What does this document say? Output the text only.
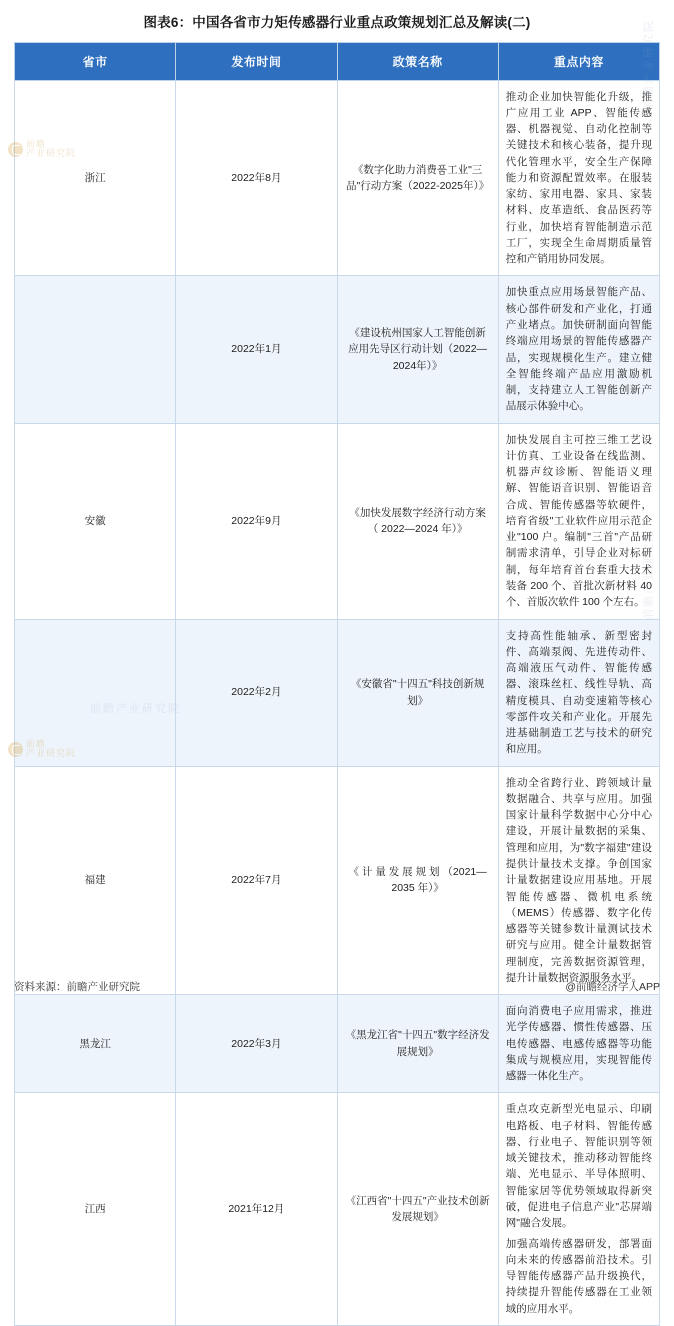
图表6：中国各省市力矩传感器行业重点政策规划汇总及解读(二)
省市	发布时间	政策名称	重点内容
浙江	2022年8月	《数字化助力消费품工业"三品"行动方案（2022-2025年）》	推动企业加快智能化升级，推广应用工业 APP、智能传感器、机器视觉、自动化控制等关键技术和核心装备，提升现代化管理水平，安全生产保障能力和资源配置效率。在服装家纺、家用电器、家具、家装材料、皮革造纸、食品医药等行业，加快培育智能制造示范工厂，实现全生命周期质量管控和产销用协同发展。

	2022年1月	《建设杭州国家人工智能创新应用先导区行动计划（2022—2024年）》	加快重点应用场景智能产品、核心部件研发和产业化，打通产业堵点。加快研制面向智能终端应用场景的智能传感器产品，实现规模化生产。建立健全智能终端产品应用激励机制，支持建立人工智能创新产品展示体验中心。

安徽	2022年9月	《加快发展数字经济行动方案（ 2022—2024 年）》	加快发展自主可控三维工艺设计仿真、工业设备在线监测、机器声纹诊断、智能语义理解、智能语音识别、智能语音合成、智能传感器等软硬件，培育省级"工业软件应用示范企业"100 户。编制"三首"产品研制需求清单，引导企业对标研制，每年培育首台套重大技术装备 200 个、首批次新材料 40 个、首版次软件 100 个左右。

	2022年2月	《安徽省"十四五"科技创新规划》	支持高性能轴承、新型密封件、高端泵阀、先进传动件、高端液压气动件、智能传感器、滚珠丝杠、线性导轨、高精度模具、自动变速箱等核心零部件攻关和产业化。开展先进基础制造工艺与技术的研究和应用。

福建	2022年7月	《 计 量 发 展 规 划 （2021—2035 年）》	推动全省跨行业、跨领域计量数据融合、共享与应用。加强国家计量科学数据中心分中心建设，开展计量数据的采集、管理和应用，为"数字福建"建设提供计量技术支撑。争创国家计量数据建设应用基地。开展智能传感器、微机电系统（MEMS）传感器、数字化传感器等关键参数计量测试技术研究与应用。健全计量数据管理制度，完善数据资源管理，提升计量数据资源服务水平。

黑龙江	2022年3月	《黑龙江省"十四五"数字经济发展规划》	面向消费电子应用需求，推进光学传感器、惯性传感器、压电传感器、电感传感器等功能集成与规模应用，实现智能传感器一体化生产。

江西	2021年12月	《江西省"十四五"产业技术创新发展规划》	重点攻克新型光电显示、印刷电路板、电子材料、智能传感器、行业电子、智能识别等领域关键技术，推动移动智能终端、光电显示、半导体照明、智能家居等优势领域取得新突破，促进电子信息产业"芯屏端网"融合发展。
加强高端传感器研发，部署面向未来的传感器前沿技术。引导智能传感器产品升级换代，持续提升智能传感器在工业领域的应用水平。
资料来源：前瞻产业研究院	@前瞻经济学人APP
前瞻
产业研究院
前瞻
产业研究院
前瞻产业研究院
前瞻产业研究院
前瞻产业研究院
